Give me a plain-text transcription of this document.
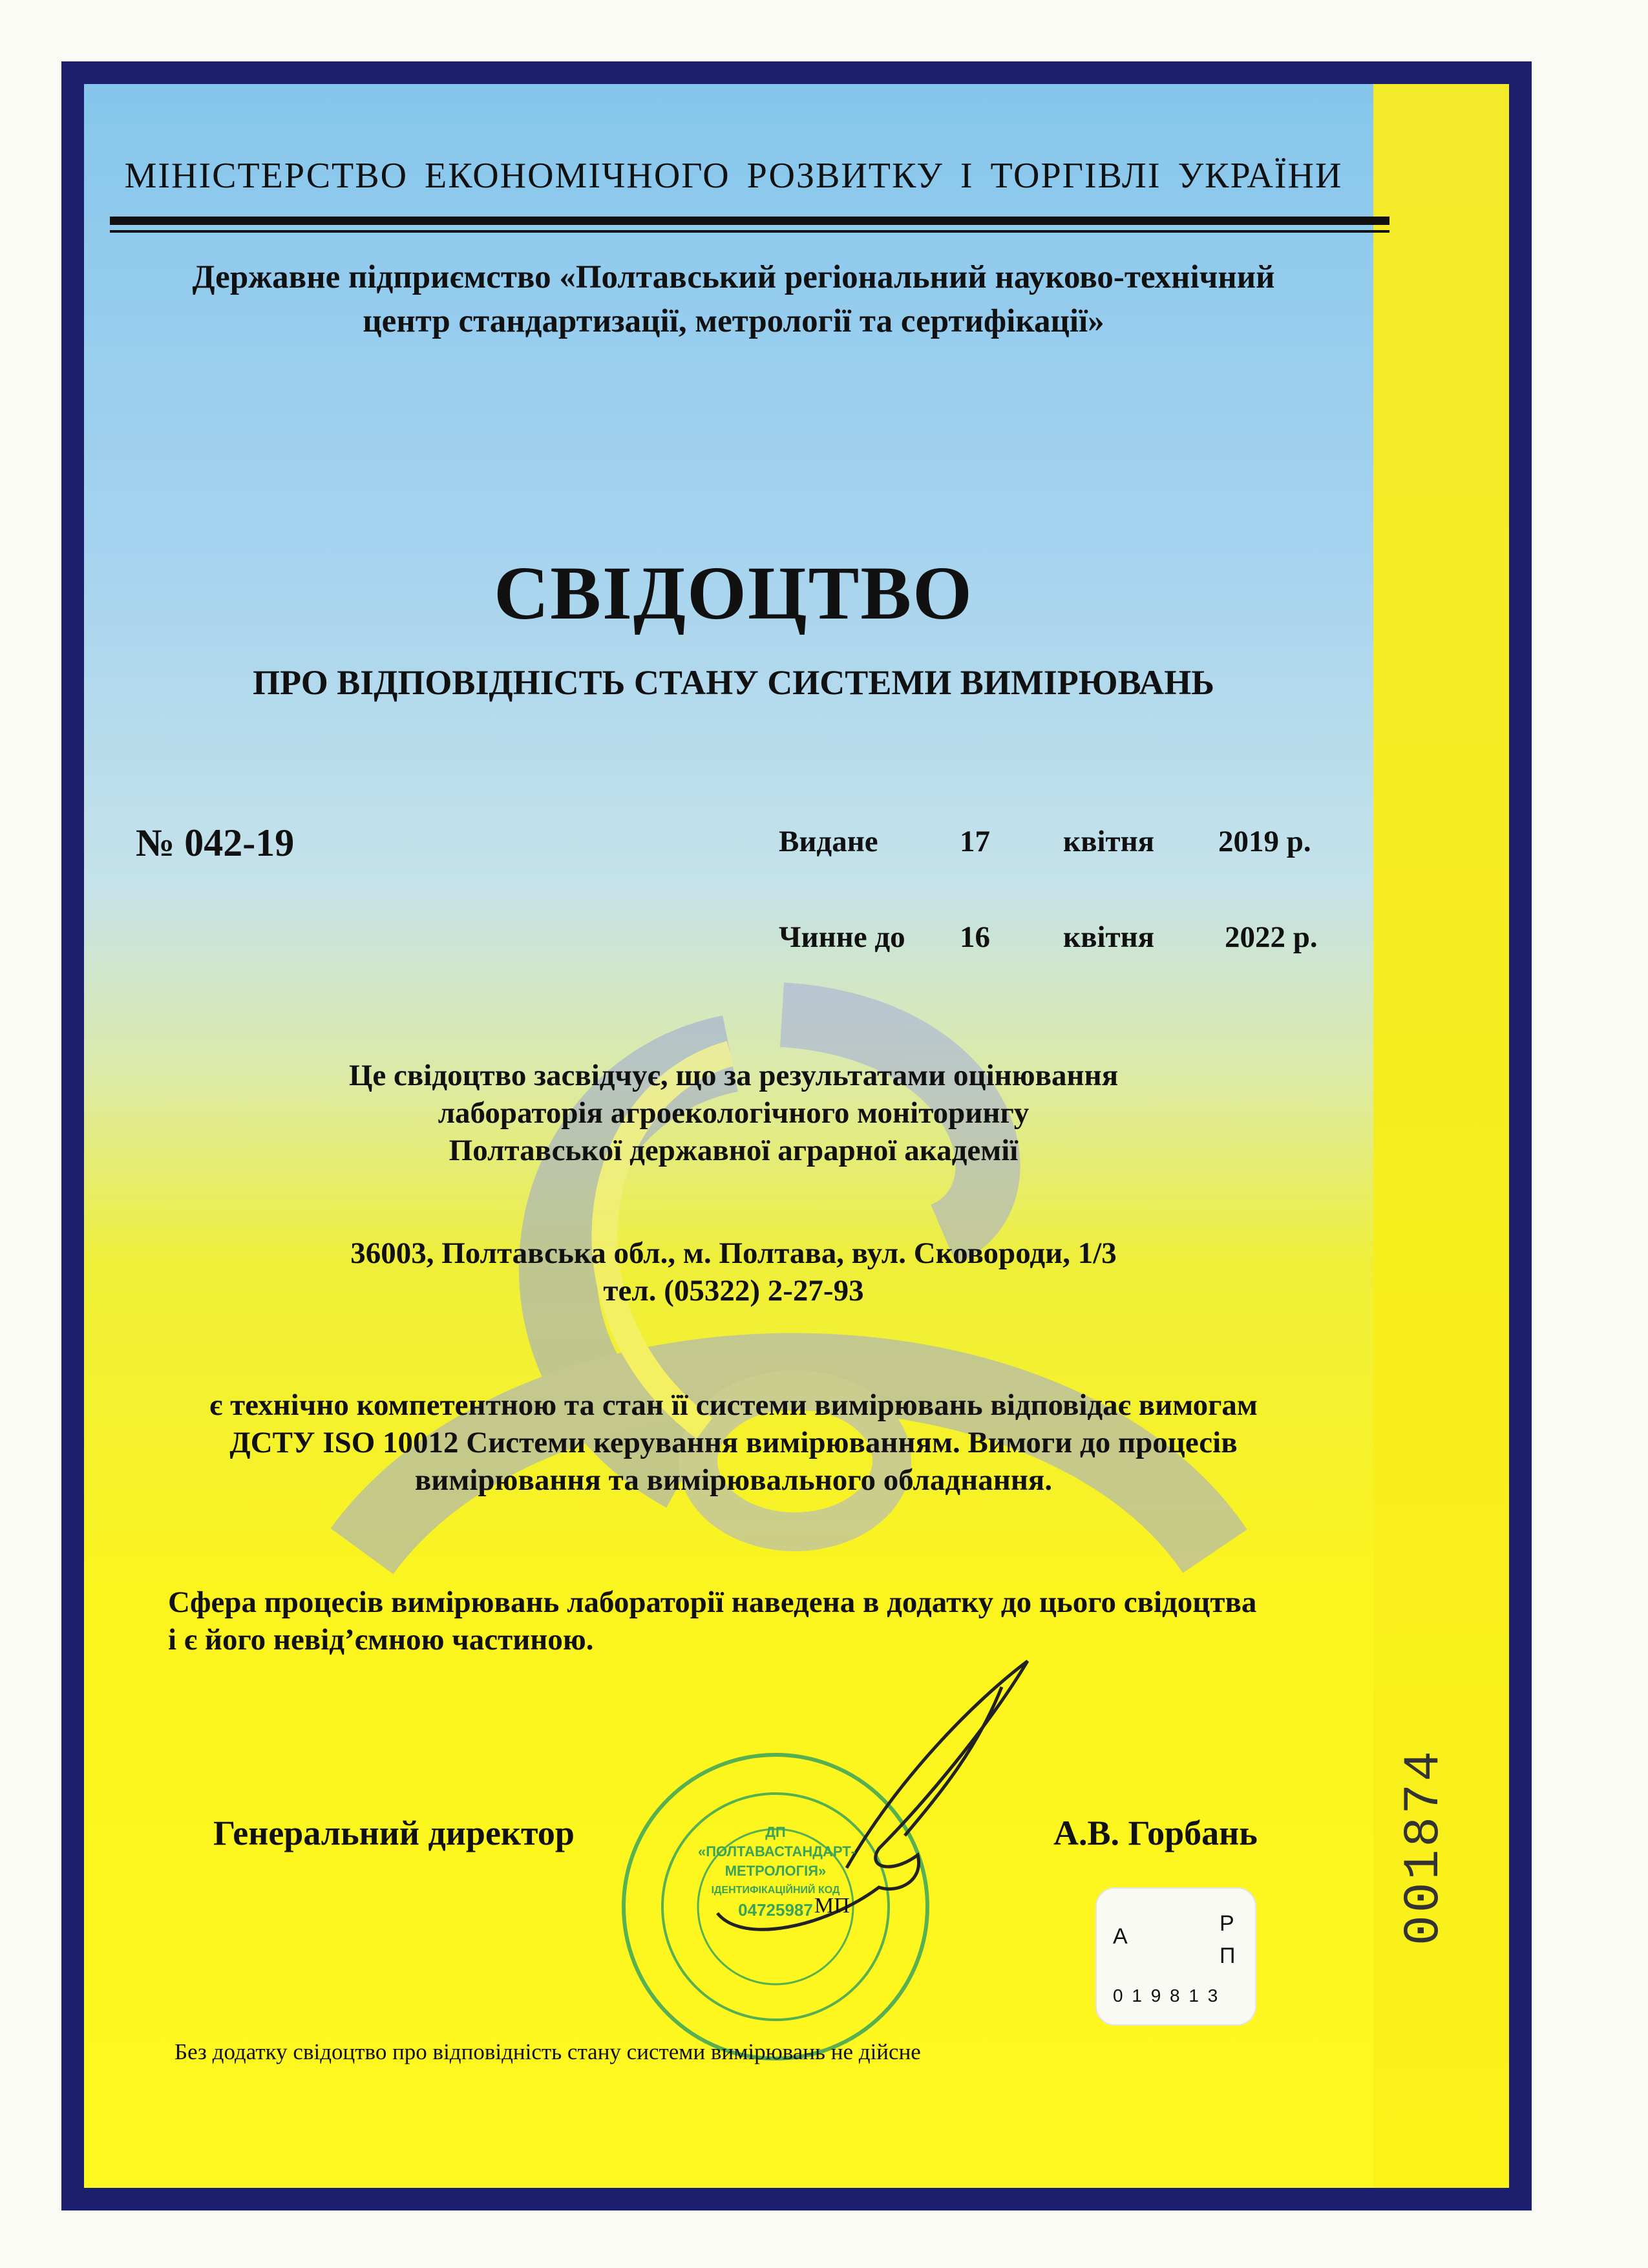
ДП
«ПОЛТАВАСТАНДАРТ-
МЕТРОЛОГІЯ»
ІДЕНТИФІКАЦІЙНИЙ КОД
04725987
МІНІСТЕРСТВО ЕКОНОМІЧНОГО РОЗВИТКУ І ТОРГІВЛІ УКРАЇНИ
Державне підприємство «Полтавський регіональний науково-технічний
центр стандартизації, метрології та сертифікації»
СВІДОЦТВО
ПРО ВІДПОВІДНІСТЬ СТАНУ СИСТЕМИ ВИМІРЮВАНЬ
№ 042-19	Видане	17 квітня 2019 р.
Чинне до 16 квітня 2022 р.
Це свідоцтво засвідчує, що за результатами оцінювання
лабораторія агроекологічного моніторингу
Полтавської державної аграрної академії
36003, Полтавська обл., м. Полтава, вул. Сковороди, 1/3
тел. (05322) 2-27-93
є технічно компетентною та стан її системи вимірювань відповідає вимогам
ДСТУ ISO 10012 Системи керування вимірюванням. Вимоги до процесів
вимірювання та вимірювального обладнання.
Сфера процесів вимірювань лабораторії наведена в додатку до цього свідоцтва
і є його невід’ємною частиною.
Генеральний директор	А.В. Горбань
МП
А
Р
П
0 1 9 8 1 3
001874
Без додатку свідоцтво про відповідність стану системи вимірювань не дійсне
